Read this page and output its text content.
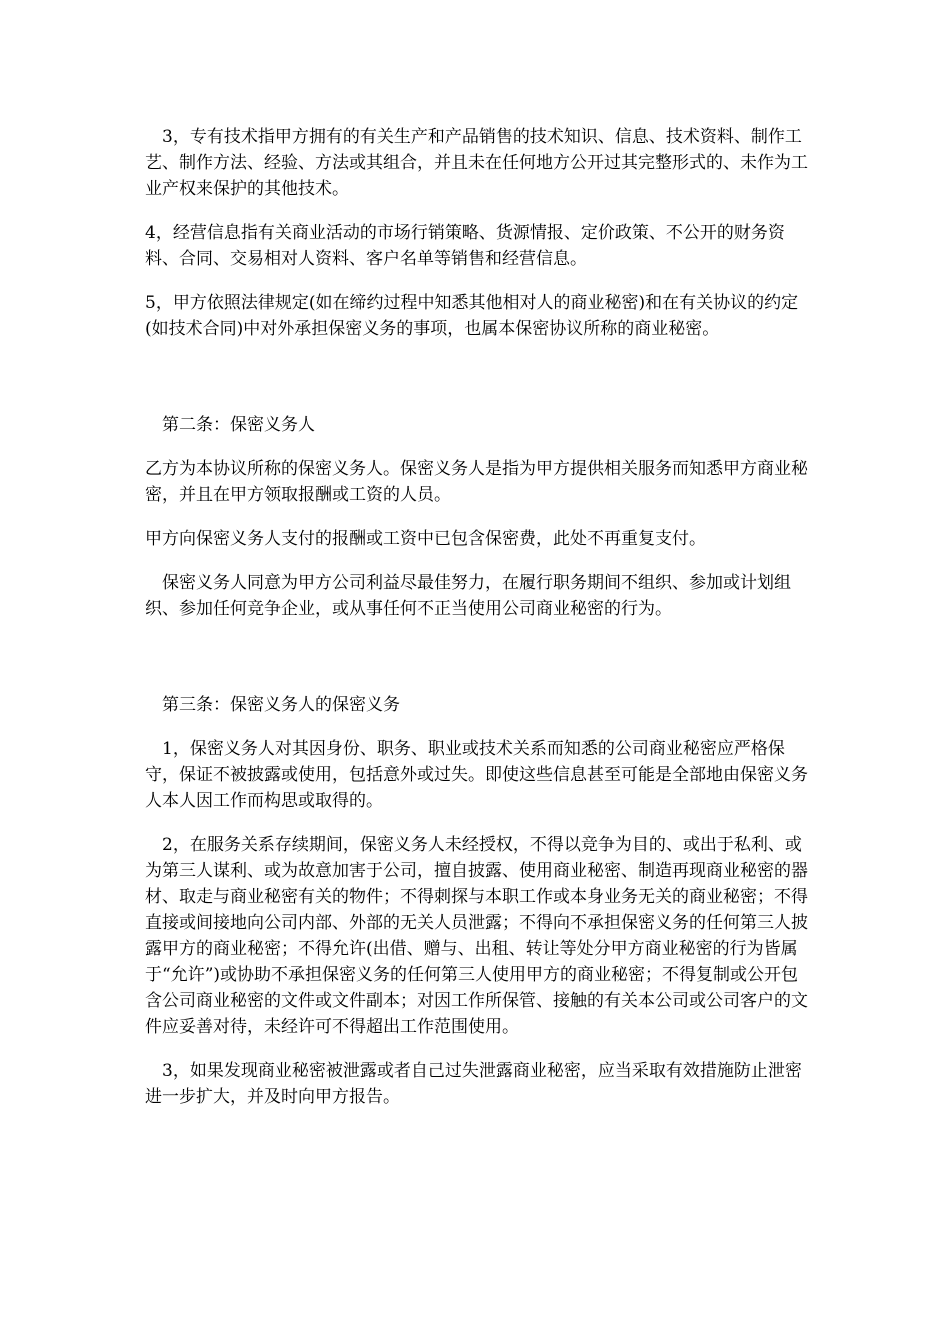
3，专有技术指甲方拥有的有关生产和产品销售的技术知识、信息、技术资料、制作工艺、制作方法、经验、方法或其组合，并且未在任何地方公开过其完整形式的、未作为工业产权来保护的其他技术。

4，经营信息指有关商业活动的市场行销策略、货源情报、定价政策、不公开的财务资料、合同、交易相对人资料、客户名单等销售和经营信息。

5，甲方依照法律规定(如在缔约过程中知悉其他相对人的商业秘密)和在有关协议的约定(如技术合同)中对外承担保密义务的事项，也属本保密协议所称的商业秘密。

第二条：保密义务人

乙方为本协议所称的保密义务人。保密义务人是指为甲方提供相关服务而知悉甲方商业秘密，并且在甲方领取报酬或工资的人员。

甲方向保密义务人支付的报酬或工资中已包含保密费，此处不再重复支付。

保密义务人同意为甲方公司利益尽最佳努力，在履行职务期间不组织、参加或计划组织、参加任何竞争企业，或从事任何不正当使用公司商业秘密的行为。

第三条：保密义务人的保密义务

1，保密义务人对其因身份、职务、职业或技术关系而知悉的公司商业秘密应严格保守，保证不被披露或使用，包括意外或过失。即使这些信息甚至可能是全部地由保密义务人本人因工作而构思或取得的。

2，在服务关系存续期间，保密义务人未经授权，不得以竞争为目的、或出于私利、或为第三人谋利、或为故意加害于公司，擅自披露、使用商业秘密、制造再现商业秘密的器材、取走与商业秘密有关的物件；不得刺探与本职工作或本身业务无关的商业秘密；不得直接或间接地向公司内部、外部的无关人员泄露；不得向不承担保密义务的任何第三人披露甲方的商业秘密；不得允许(出借、赠与、出租、转让等处分甲方商业秘密的行为皆属于“允许”)或协助不承担保密义务的任何第三人使用甲方的商业秘密；不得复制或公开包含公司商业秘密的文件或文件副本；对因工作所保管、接触的有关本公司或公司客户的文件应妥善对待，未经许可不得超出工作范围使用。

3，如果发现商业秘密被泄露或者自己过失泄露商业秘密，应当采取有效措施防止泄密进一步扩大，并及时向甲方报告。
